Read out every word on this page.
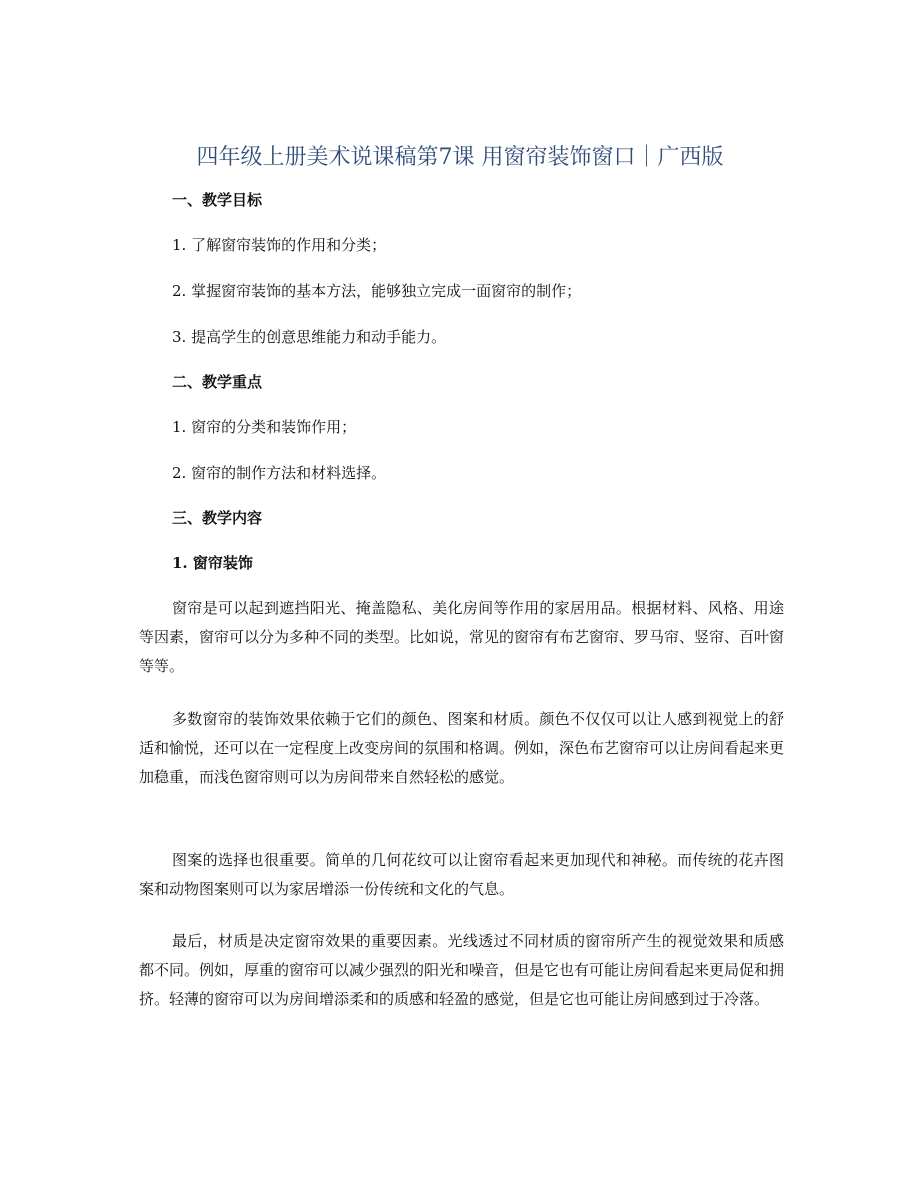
四年级上册美术说课稿第7课 用窗帘装饰窗口｜广西版

一、教学目标

1. 了解窗帘装饰的作用和分类；

2. 掌握窗帘装饰的基本方法，能够独立完成一面窗帘的制作；

3. 提高学生的创意思维能力和动手能力。

二、教学重点

1. 窗帘的分类和装饰作用；

2. 窗帘的制作方法和材料选择。

三、教学内容

1. 窗帘装饰

窗帘是可以起到遮挡阳光、掩盖隐私、美化房间等作用的家居用品。根据材料、风格、用途等因素，窗帘可以分为多种不同的类型。比如说，常见的窗帘有布艺窗帘、罗马帘、竖帘、百叶窗等等。

多数窗帘的装饰效果依赖于它们的颜色、图案和材质。颜色不仅仅可以让人感到视觉上的舒适和愉悦，还可以在一定程度上改变房间的氛围和格调。例如，深色布艺窗帘可以让房间看起来更加稳重，而浅色窗帘则可以为房间带来自然轻松的感觉。

图案的选择也很重要。简单的几何花纹可以让窗帘看起来更加现代和神秘。而传统的花卉图案和动物图案则可以为家居增添一份传统和文化的气息。

最后，材质是决定窗帘效果的重要因素。光线透过不同材质的窗帘所产生的视觉效果和质感都不同。例如，厚重的窗帘可以减少强烈的阳光和噪音，但是它也有可能让房间看起来更局促和拥挤。轻薄的窗帘可以为房间增添柔和的质感和轻盈的感觉，但是它也可能让房间感到过于冷落。
